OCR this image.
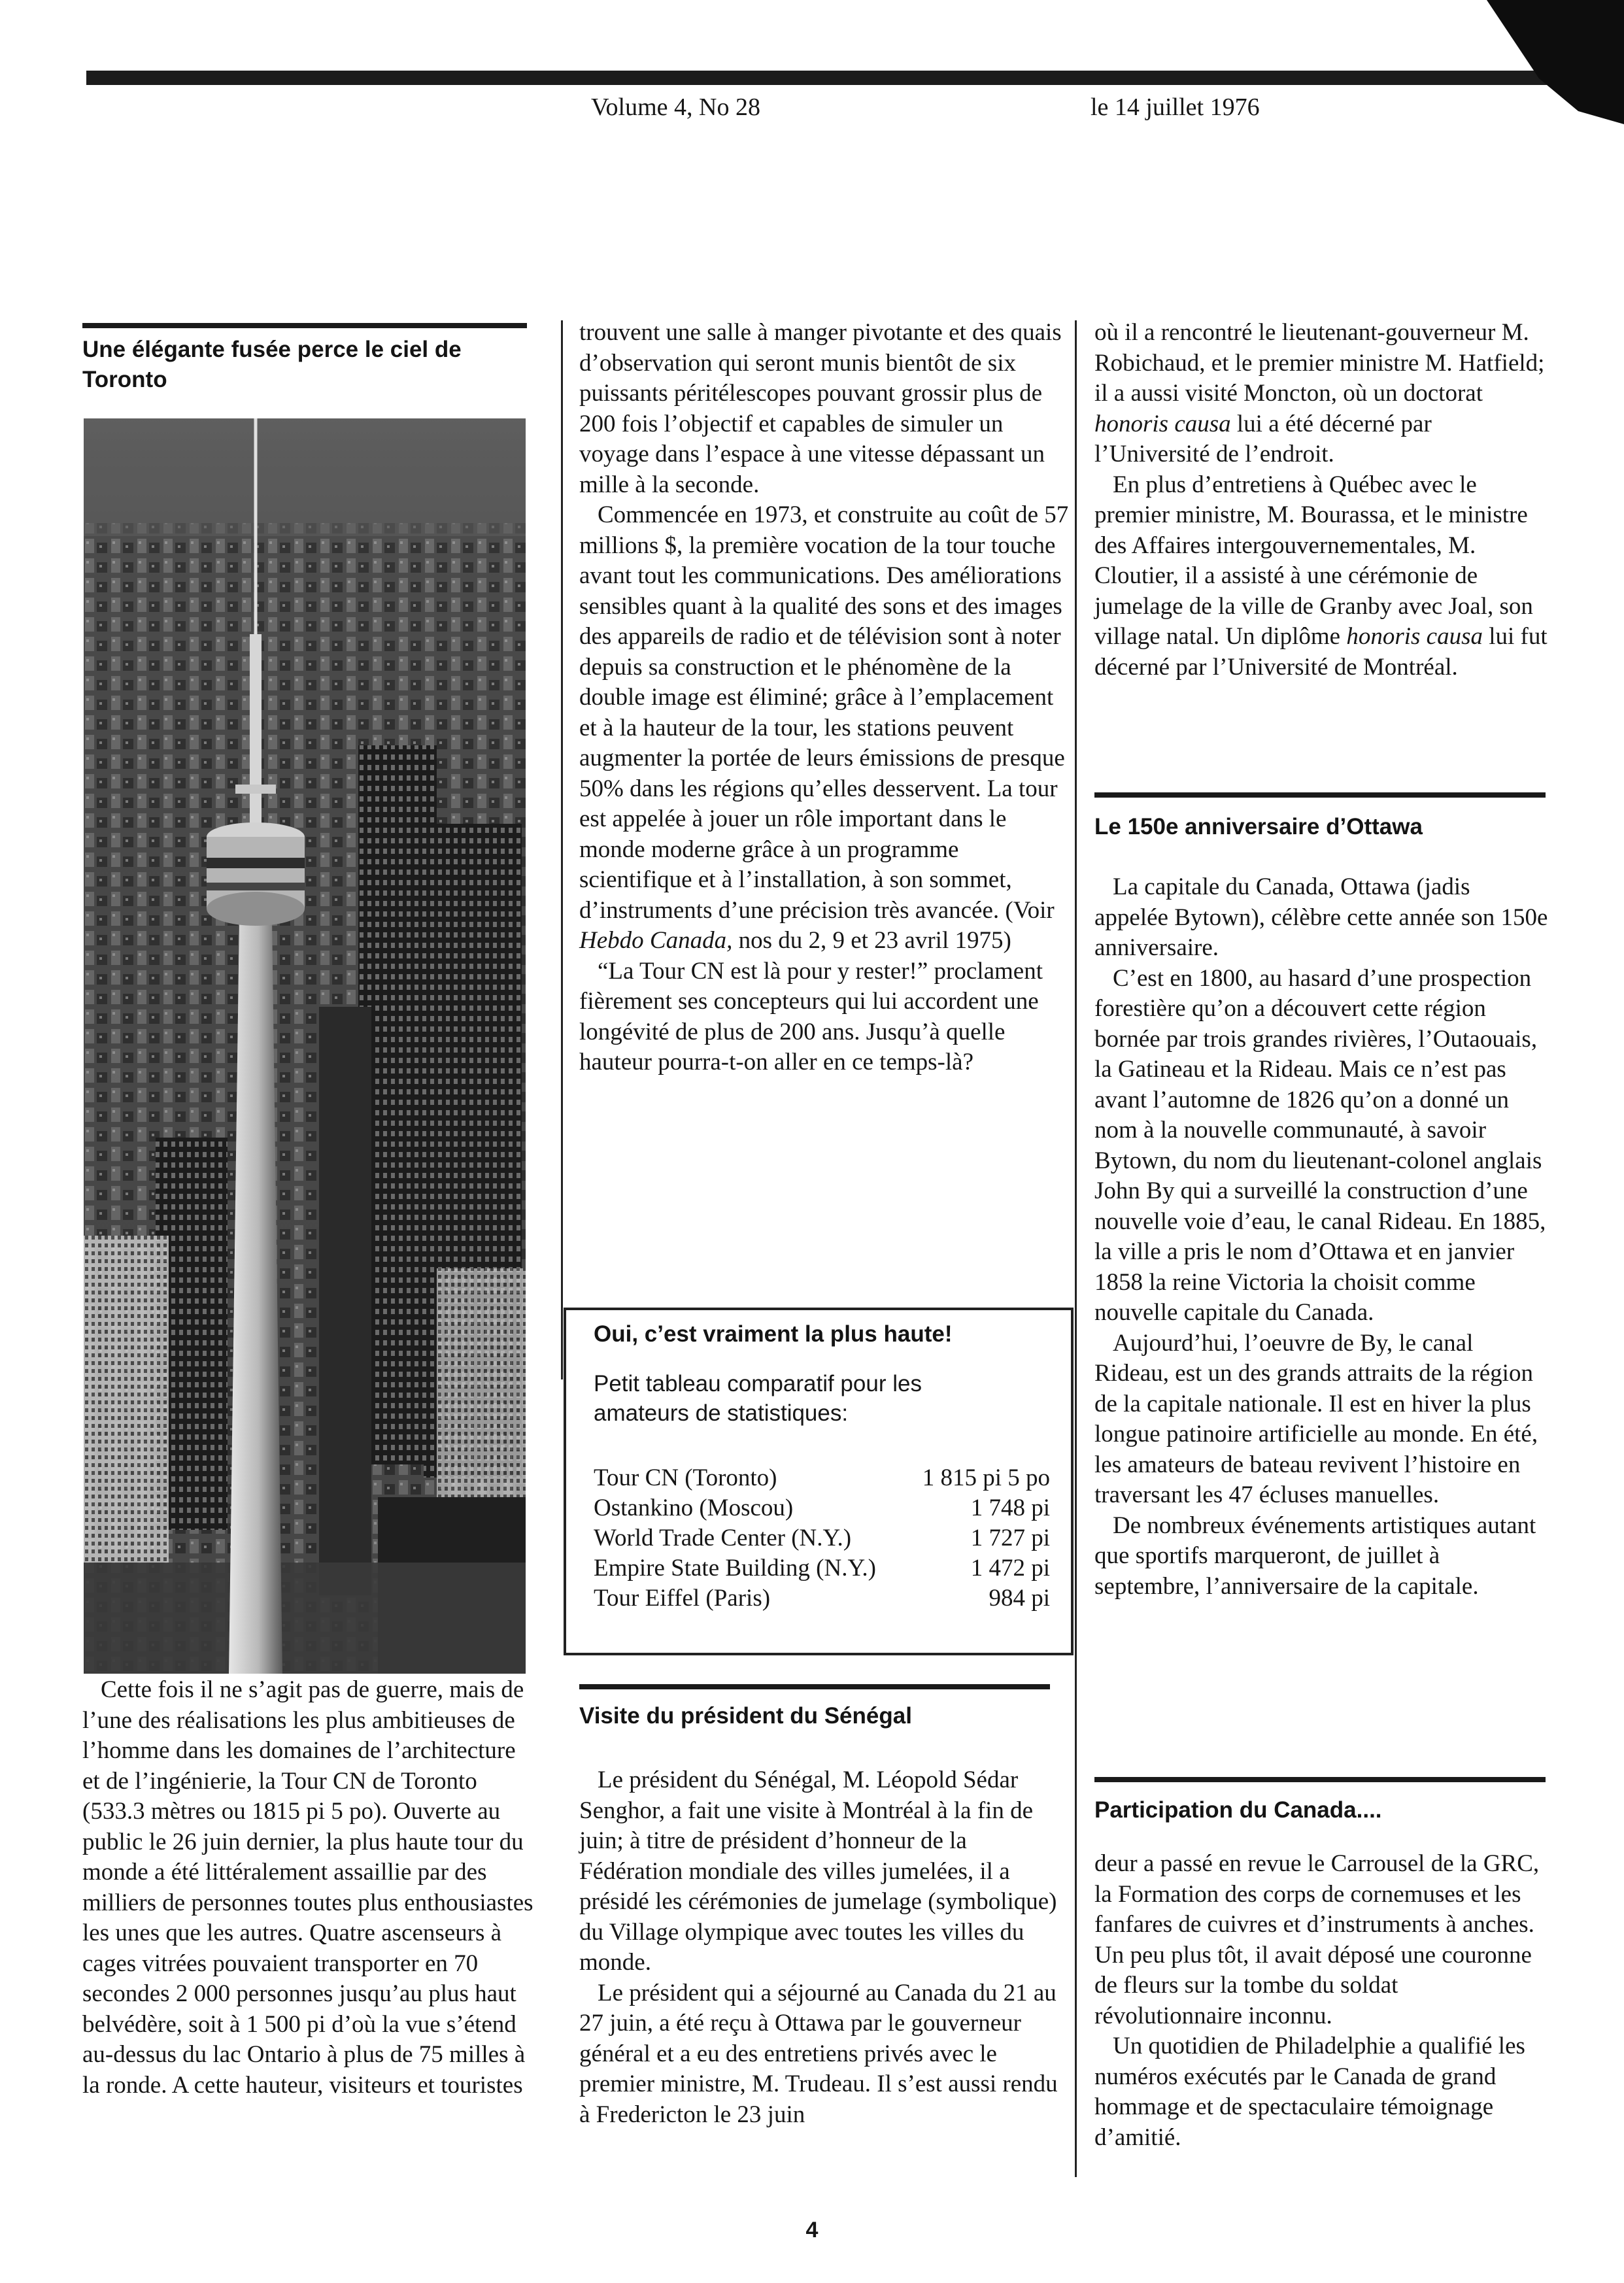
Volume 4, No 28	le 14 juillet 1976
Une élégante fusée perce le ciel de Toronto

Cette fois il ne s’agit pas de guerre, mais de l’une des réalisations les plus ambitieuses de l’homme dans les domaines de l’architecture et de l’ingénierie, la Tour CN de Toronto (533.3 mètres ou 1815 pi 5 po). Ouverte au public le 26 juin dernier, la plus haute tour du monde a été littéralement assaillie par des milliers de personnes toutes plus enthousiastes les unes que les autres. Quatre ascenseurs à cages vitrées pouvaient transporter en 70 secondes 2 000 personnes jusqu’au plus haut belvédère, soit à 1 500 pi d’où la vue s’étend au-dessus du lac Ontario à plus de 75 milles à la ronde. A cette hauteur, visiteurs et touristes

trouvent une salle à manger pivotante et des quais d’observation qui seront munis bientôt de six puissants péritélescopes pouvant grossir plus de 200 fois l’objectif et capables de simuler un voyage dans l’espace à une vitesse dépassant un mille à la seconde.

Commencée en 1973, et construite au coût de 57 millions $, la première vocation de la tour touche avant tout les communications. Des améliorations sensibles quant à la qualité des sons et des images des appareils de radio et de télévision sont à noter depuis sa construction et le phénomène de la double image est éliminé; grâce à l’emplacement et à la hauteur de la tour, les stations peuvent augmenter la portée de leurs émissions de presque 50% dans les régions qu’elles desservent. La tour est appelée à jouer un rôle important dans le monde moderne grâce à un programme scientifique et à l’installation, à son sommet, d’instruments d’une précision très avancée. (Voir Hebdo Canada, nos du 2, 9 et 23 avril 1975)

“La Tour CN est là pour y rester!” proclament fièrement ses concepteurs qui lui accordent une longévité de plus de 200 ans. Jusqu’à quelle hauteur pourra-t-on aller en ce temps-là?

Oui, c’est vraiment la plus haute!
Petit tableau comparatif pour les amateurs de statistiques:
Tour CN (Toronto)	1 815 pi 5 po
Ostankino (Moscou)	1 748 pi
World Trade Center (N.Y.)	1 727 pi
Empire State Building (N.Y.)	1 472 pi
Tour Eiffel (Paris)	984 pi
Visite du président du Sénégal

Le président du Sénégal, M. Léopold Sédar Senghor, a fait une visite à Montréal à la fin de juin; à titre de président d’honneur de la Fédération mondiale des villes jumelées, il a présidé les cérémonies de jumelage (symbolique) du Village olympique avec toutes les villes du monde.

Le président qui a séjourné au Canada du 21 au 27 juin, a été reçu à Ottawa par le gouverneur général et a eu des entretiens privés avec le premier ministre, M. Trudeau. Il s’est aussi rendu à Fredericton le 23 juin

où il a rencontré le lieutenant-gouverneur M. Robichaud, et le premier ministre M. Hatfield; il a aussi visité Moncton, où un doctorat honoris causa lui a été décerné par l’Université de l’endroit.

En plus d’entretiens à Québec avec le premier ministre, M. Bourassa, et le ministre des Affaires intergouvernementales, M. Cloutier, il a assisté à une cérémonie de jumelage de la ville de Granby avec Joal, son village natal. Un diplôme honoris causa lui fut décerné par l’Université de Montréal.

Le 150e anniversaire d’Ottawa

La capitale du Canada, Ottawa (jadis appelée Bytown), célèbre cette année son 150e anniversaire.

C’est en 1800, au hasard d’une prospection forestière qu’on a découvert cette région bornée par trois grandes rivières, l’Outaouais, la Gatineau et la Rideau. Mais ce n’est pas avant l’automne de 1826 qu’on a donné un nom à la nouvelle communauté, à savoir Bytown, du nom du lieutenant-colonel anglais John By qui a surveillé la construction d’une nouvelle voie d’eau, le canal Rideau. En 1885, la ville a pris le nom d’Ottawa et en janvier 1858 la reine Victoria la choisit comme nouvelle capitale du Canada.

Aujourd’hui, l’oeuvre de By, le canal Rideau, est un des grands attraits de la région de la capitale nationale. Il est en hiver la plus longue patinoire artificielle au monde. En été, les amateurs de bateau revivent l’histoire en traversant les 47 écluses manuelles.

De nombreux événements artistiques autant que sportifs marqueront, de juillet à septembre, l’anniversaire de la capitale.

Participation du Canada....

deur a passé en revue le Carrousel de la GRC, la Formation des corps de cornemuses et les fanfares de cuivres et d’instruments à anches. Un peu plus tôt, il avait déposé une couronne de fleurs sur la tombe du soldat révolutionnaire inconnu.

Un quotidien de Philadelphie a qualifié les numéros exécutés par le Canada de grand hommage et de spectaculaire témoignage d’amitié.

4
